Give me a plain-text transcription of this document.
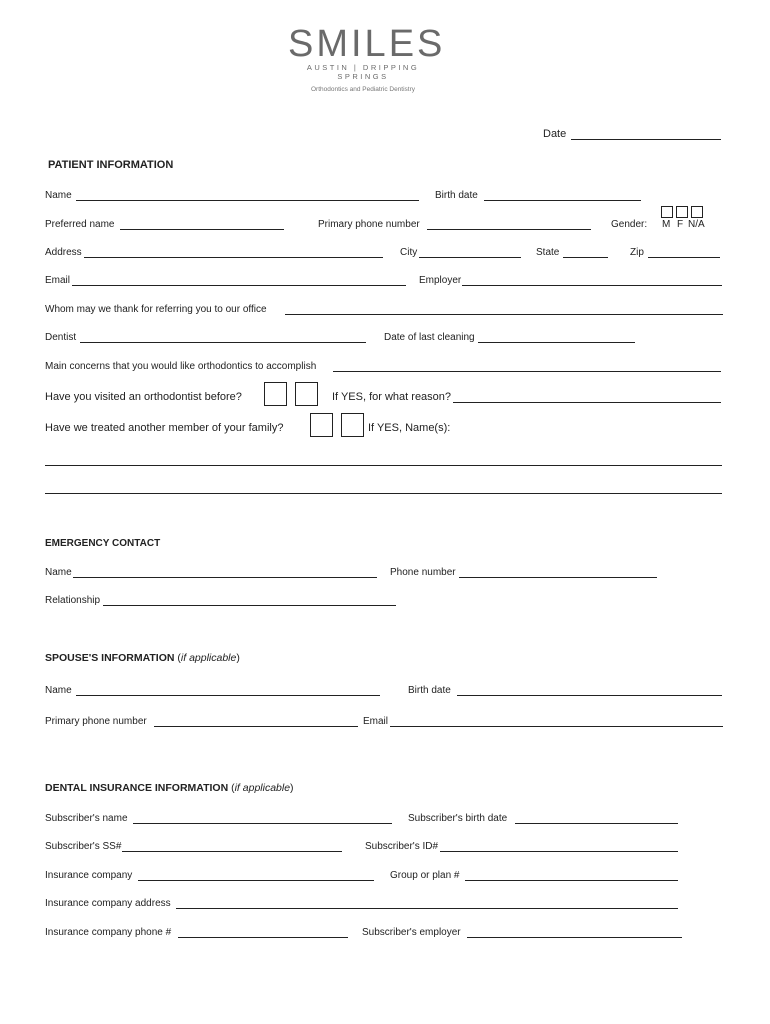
SMILES
AUSTIN | DRIPPING SPRINGS
Orthodontics and Pediatric Dentistry
Date
PATIENT INFORMATION
Name	Birth date
Preferred name	Primary phone number	Gender: M F N/A
Address	City	State	Zip
Email	Employer
Whom may we thank for referring you to our office
Dentist	Date of last cleaning
Main concerns that you would like orthodontics to accomplish
Have you visited an orthodontist before?	If YES, for what reason?
Have we treated another member of your family?	If YES, Name(s):
EMERGENCY CONTACT
Name	Phone number
Relationship
SPOUSE'S INFORMATION (if applicable)
Name	Birth date
Primary phone number	Email
DENTAL INSURANCE INFORMATION (if applicable)
Subscriber's name	Subscriber's birth date
Subscriber's SS#	Subscriber's ID#
Insurance company	Group or plan #
Insurance company address
Insurance company phone #	Subscriber's employer
